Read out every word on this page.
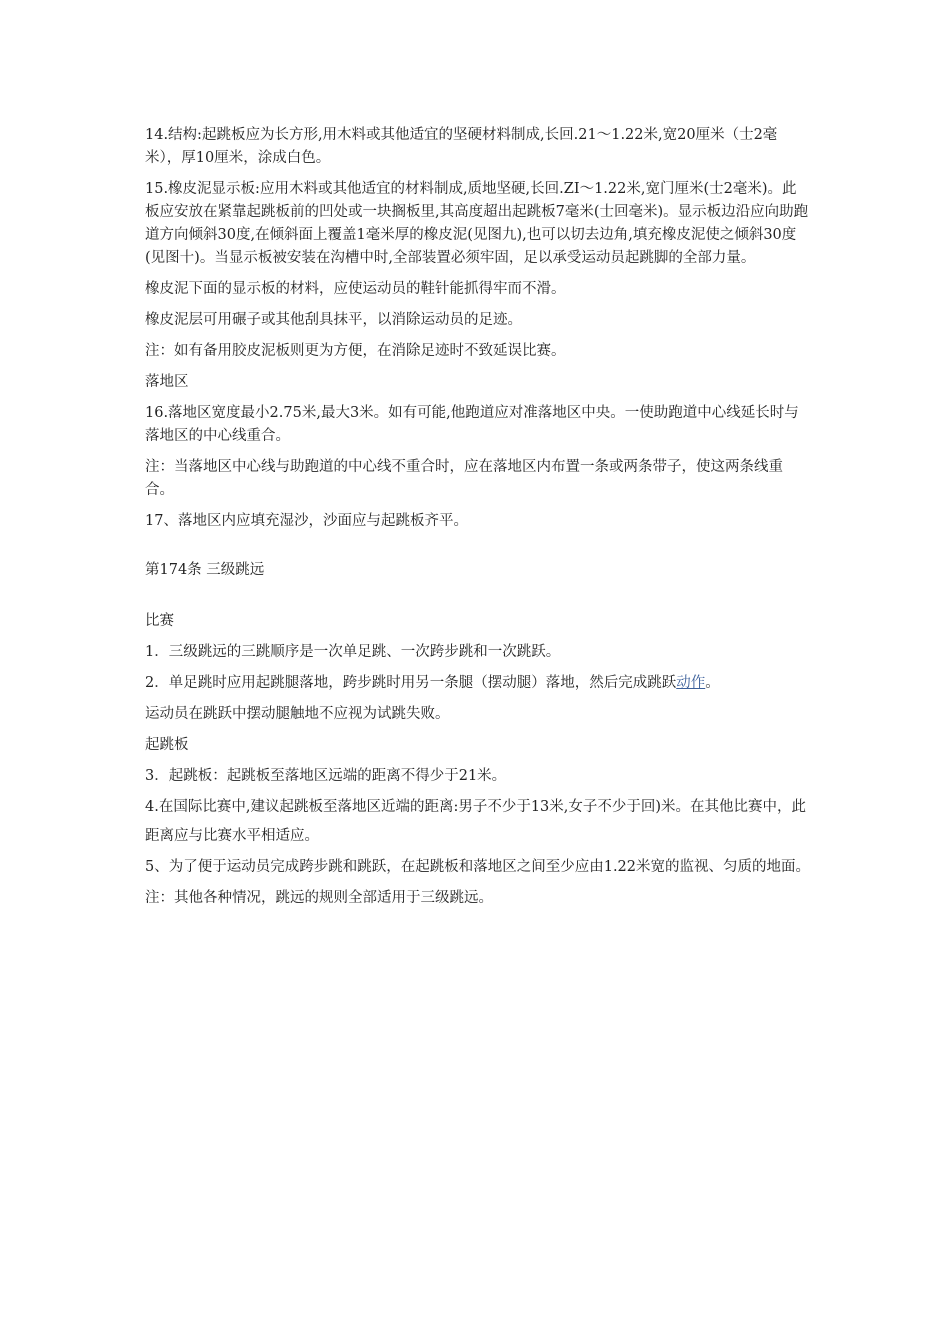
14.结构:起跳板应为长方形,用木料或其他适宜的坚硬材料制成,长回.21～1.22米,宽20厘米（士2毫米），厚10厘米，涂成白色。

15.橡皮泥显示板:应用木料或其他适宜的材料制成,质地坚硬,长回.ZI～1.22米,宽门厘米(士2毫米)。此板应安放在紧靠起跳板前的凹处或一块搁板里,其高度超出起跳板7毫米(士回毫米)。显示板边沿应向助跑道方向倾斜30度,在倾斜面上覆盖1毫米厚的橡皮泥(见图九),也可以切去边角,填充橡皮泥使之倾斜30度(见图十)。当显示板被安装在沟槽中时,全部装置必须牢固，足以承受运动员起跳脚的全部力量。

橡皮泥下面的显示板的材料，应使运动员的鞋针能抓得牢而不滑。

橡皮泥层可用碾子或其他刮具抹平，以消除运动员的足迹。

注：如有备用胶皮泥板则更为方便，在消除足迹时不致延误比赛。

落地区

16.落地区宽度最小2.75米,最大3米。如有可能,他跑道应对准落地区中央。一使助跑道中心线延长时与落地区的中心线重合。

注：当落地区中心线与助跑道的中心线不重合时，应在落地区内布置一条或两条带子，使这两条线重合。

17、落地区内应填充湿沙，沙面应与起跳板齐平。

第174条 三级跳远

比赛

1．三级跳远的三跳顺序是一次单足跳、一次跨步跳和一次跳跃。

2．单足跳时应用起跳腿落地，跨步跳时用另一条腿（摆动腿）落地，然后完成跳跃动作。

运动员在跳跃中摆动腿触地不应视为试跳失败。

起跳板

3．起跳板：起跳板至落地区远端的距离不得少于21米。

4.在国际比赛中,建议起跳板至落地区近端的距离:男子不少于13米,女子不少于回)米。在其他比赛中，此

距离应与比赛水平相适应。

5、为了便于运动员完成跨步跳和跳跃，在起跳板和落地区之间至少应由1.22米宽的监视、匀质的地面。

注：其他各种情况，跳远的规则全部适用于三级跳远。
